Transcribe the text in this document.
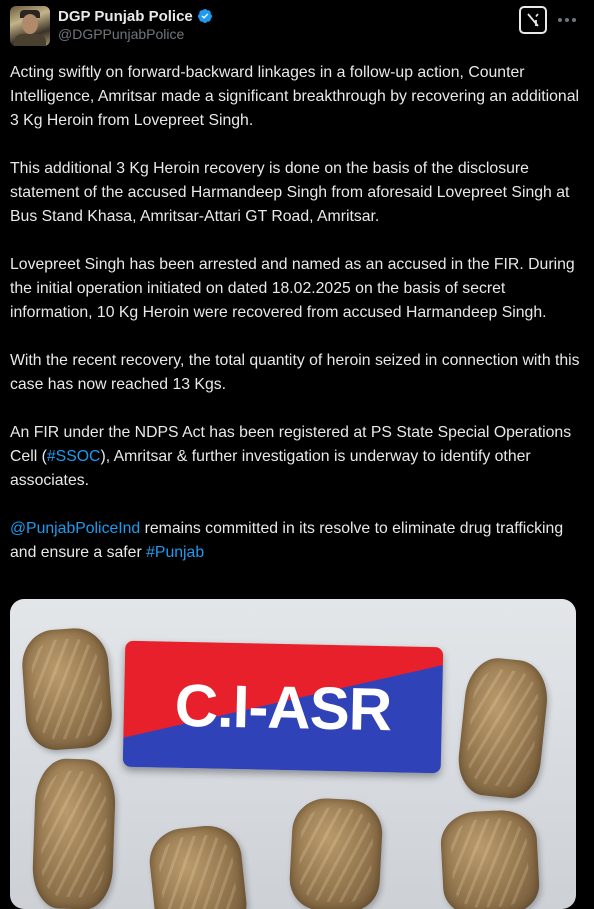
DGP Punjab Police
@DGPPunjabPolice

Acting swiftly on forward-backward linkages in a follow-up action, Counter Intelligence, Amritsar made a significant breakthrough by recovering an additional 3 Kg Heroin from Lovepreet Singh.

This additional 3 Kg Heroin recovery is done on the basis of the disclosure statement of the accused Harmandeep Singh from aforesaid Lovepreet Singh at Bus Stand Khasa, Amritsar-Attari GT Road, Amritsar.

Lovepreet Singh has been arrested and named as an accused in the FIR. During the initial operation initiated on dated 18.02.2025 on the basis of secret information, 10 Kg Heroin were recovered from accused Harmandeep Singh.

With the recent recovery, the total quantity of heroin seized in connection with this case has now reached 13 Kgs.

An FIR under the NDPS Act has been registered at PS State Special Operations Cell (#SSOC), Amritsar & further investigation is underway to identify other associates.

@PunjabPoliceInd remains committed in its resolve to eliminate drug trafficking and ensure a safer #Punjab

C.I-ASR
